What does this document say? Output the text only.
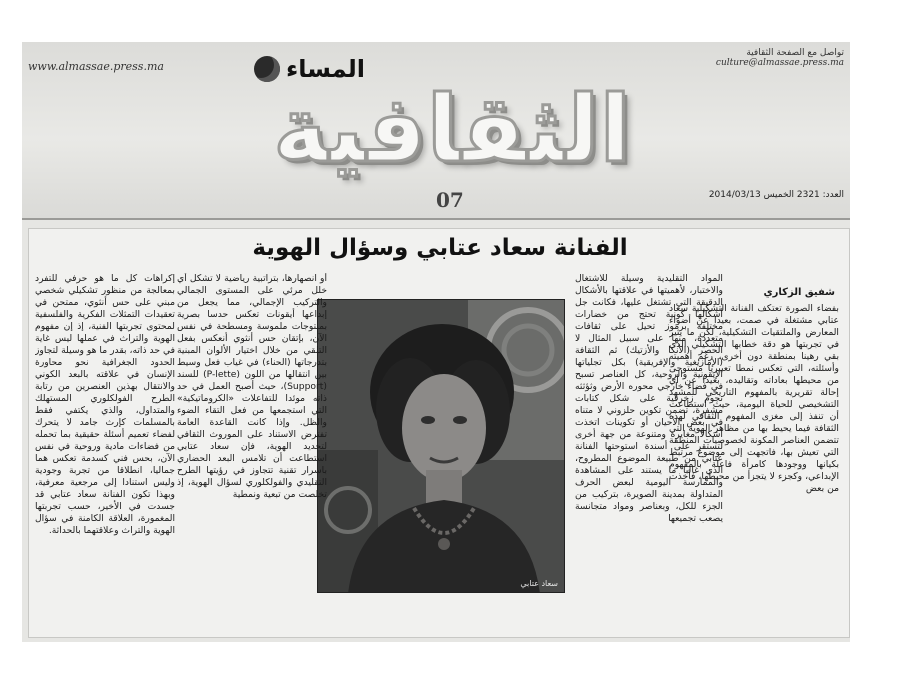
www.almassae.press.ma
تواصل مع الصفحة الثقافية
culture@almassae.press.ma
المساء
الثقافية
07	العدد: 2321 الخميس 2014/03/13
الفنانة سعاد عتابي وسؤال الهوية
شفيق الزكاري
بفضاء الصورة تعتكف الفنانة التشكيلية سعاد عتابي مشتغلة في صمت، بعيدا عن أضواء المعارض والملتقيات التشكيلية، لكن ما يثير في تجربتها هو دقة خطابها التشكيلي الذي بقي رهينا بمنطقة دون أخرى، رغم أهميته وأسئلته، التي تعكس نمطا تعبيريا مستوحى من محيطها بعاداته وتقاليده، بعيدا عن أي إحالة تقريرية بالمفهوم التاريخي للمشهد التشخيصي للحياة اليومية، حيث استطاعت أن تنفذ إلى مغزى المفهوم الثقافي لهذه الثقافة فيما يحيط بها من مظاهر الهوية التي تتضمن العناصر المكونة لخصوصيات المنطقة التي تعيش بها، فاتجهت إلى موضوع مرتبط بكيانها ووجودها كامرأة فاعلة بالمفهوم الإبداعي، وكجزء لا يتجزأ من محيطها، فأخذت من بعض
المواد التقليدية وسيلة للاشتغال والاختبار، لأهميتها في علاقتها بالأشكال الدقيقة التي تشتغل عليها، فكانت جل أشكالها كونية تحتج من خضارات مختلفة برموز تحيل على ثقافات متعددة، منها على سبيل المثال لا الحصر (الأنكا والأزتيك) ثم الثقافة (الإمازيغية والإفريقية) بكل تجلياتها الإيقونية والروحية، كل العناصر تسبح في فضاء خارجي محوره الأرض وثؤثثه نجوم زخرفية على شكل كتابات مشفرة، تضمن تكوين حلزوني لا متناه في بعض الأحيان أو تكوينات اتخذت أشكالا مغايرة ومتنوعة من جهة أخرى لتستقر على أسندة استوحتها الفنانة عتابي من طبيعة الموضوع المطروح، الذي غالبا ما يستند على المشاهدة والممارسة اليومية لبعض الحرف المتداولة بمدينة الصويرة، بتركيب من الجزء للكل، وبعناصر ومواد متجانسة يصعب تجميعها
سعاد عتابي
أو انصهارها، بتراتبية رياضية لا تشكل أي خلل مرئي على المستوى الجمالي والتركيب الإجمالي، مما يجعل من إبداعها أيقونات تعكس حدسا بصرية بمنتوجات ملموسة ومسطحة في نفس الآن، بإتقان حس أنثوي أنعكس بفعل التلقي من خلال اختيار الألوان المبنية بتدرجاتها (الحناء) في غياب فعل وسيط بين انتقالها من اللون (P-lette) للسند (Support)، حيث أصبح العمل في حد ذاته موئدا للتفاعلات «الكروماتيكية» التي استجمعها من فعل التقاء الضوء والظل. وإذا كانت القاعدة العامة تفترض الاستناد على الموروث الثقافي لتحديد الهوية، فإن سعاد عتابي استطاعت أن تلامس البعد الحضاري باسرار تقنية تتجاوز في رؤيتها الطرح التقليدي والفولكلوري لسؤال الهوية، إذ تخلصت من تبعية ونمطية
إكراهات كل ما هو حرفي للتفرد بمعالجة من منظور تشكيلي شخصي مبني على حس أنثوي، ممتحن في تعقيدات التمثلات الفكرية والفلسفية لمحتوى تجربتها الفنية، إذ إن مفهوم الهوية والتراث في عملها ليس غاية في حد ذاته، بقدر ما هو وسيلة لتجاوز الحدود الجغرافية نحو محاورة الإنسان في علاقته بالبعد الكوني والانتقال بهذين العنصرين من رتابة الطرح الفولكلوري المستهلك والمتداول، والذي يكتفي فقط بالمسلمات كإرث جامد لا يتحرك لفضاء تعميم أسئلة حقيقية بما تحمله من فضاءات مادية وروحية في نفس الآن، بحس فني كسدمة تعكس هما جماليا، انطلاقا من تجربة وجودية وليس استنادا إلى مرجعية معرفية، وبهذا تكون الفنانة سعاد عتابي قد جسدت في الأخير، حسب تجربتها المغمورة، العلاقة الكامنة في سؤال الهوية والتراث وعلاقتهما بالحداثة.
